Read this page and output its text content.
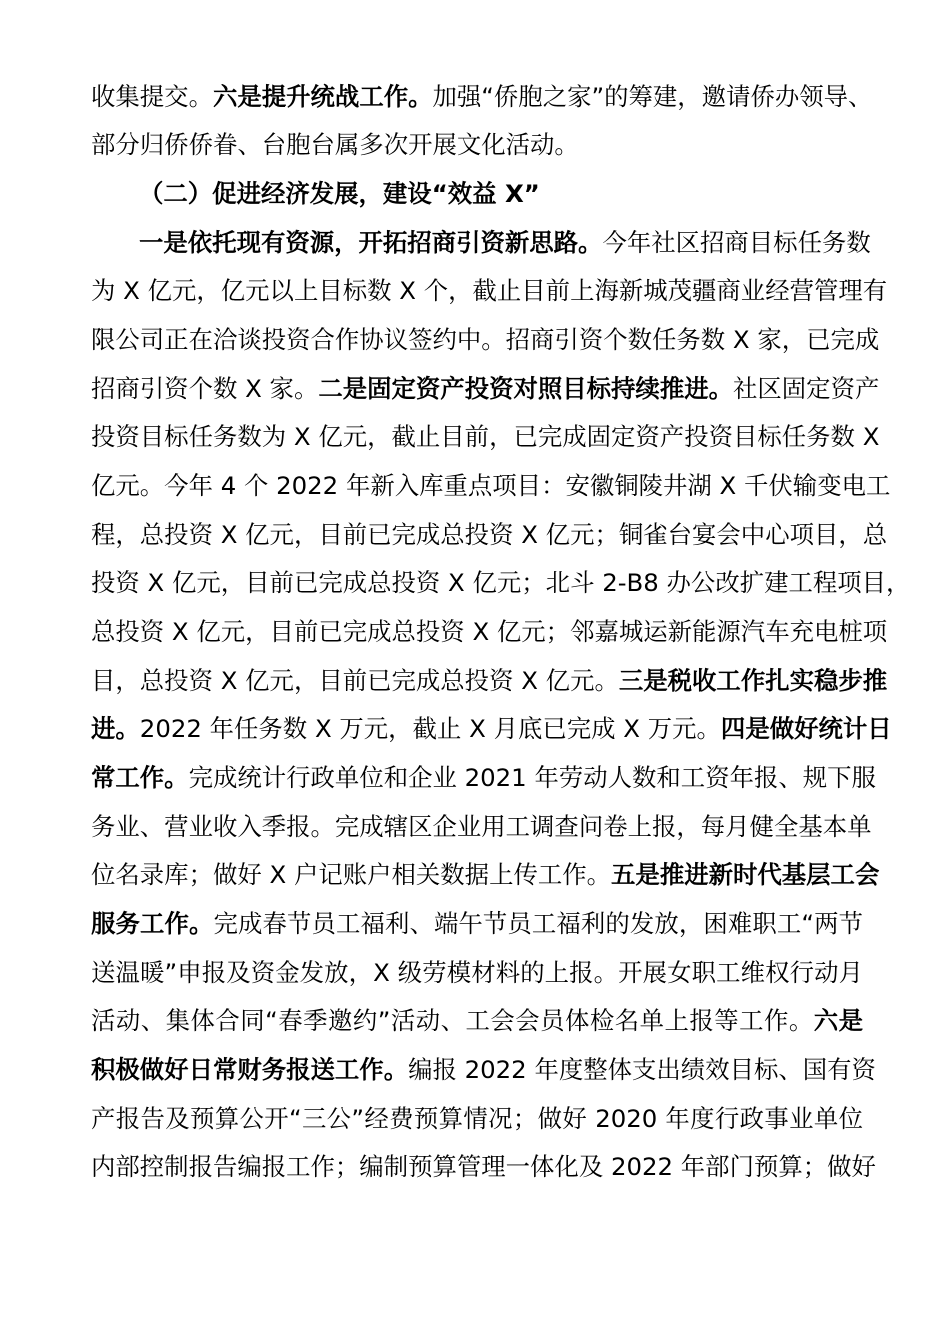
收集提交。六是提升统战工作。加强“侨胞之家”的筹建，邀请侨办领导、
部分归侨侨眷、台胞台属多次开展文化活动。
（二）促进经济发展，建设“效益 X”
一是依托现有资源，开拓招商引资新思路。今年社区招商目标任务数
为 X 亿元，亿元以上目标数 X 个，截止目前上海新城茂疆商业经营管理有
限公司正在洽谈投资合作协议签约中。招商引资个数任务数 X 家，已完成
招商引资个数 X 家。二是固定资产投资对照目标持续推进。社区固定资产
投资目标任务数为 X 亿元，截止目前，已完成固定资产投资目标任务数 X
亿元。今年 4 个 2022 年新入库重点项目：安徽铜陵井湖 X 千伏输变电工
程，总投资 X 亿元，目前已完成总投资 X 亿元；铜雀台宴会中心项目，总
投资 X 亿元，目前已完成总投资 X 亿元；北斗 2-B8 办公改扩建工程项目，
总投资 X 亿元，目前已完成总投资 X 亿元；邻嘉城运新能源汽车充电桩项
目，总投资 X 亿元，目前已完成总投资 X 亿元。三是税收工作扎实稳步推
进。2022 年任务数 X 万元，截止 X 月底已完成 X 万元。四是做好统计日
常工作。完成统计行政单位和企业 2021 年劳动人数和工资年报、规下服
务业、营业收入季报。完成辖区企业用工调查问卷上报，每月健全基本单
位名录库；做好 X 户记账户相关数据上传工作。五是推进新时代基层工会
服务工作。完成春节员工福利、端午节员工福利的发放，困难职工“两节
送温暖”申报及资金发放，X 级劳模材料的上报。开展女职工维权行动月
活动、集体合同“春季邀约”活动、工会会员体检名单上报等工作。六是
积极做好日常财务报送工作。编报 2022 年度整体支出绩效目标、国有资
产报告及预算公开“三公”经费预算情况；做好 2020 年度行政事业单位
内部控制报告编报工作；编制预算管理一体化及 2022 年部门预算；做好
